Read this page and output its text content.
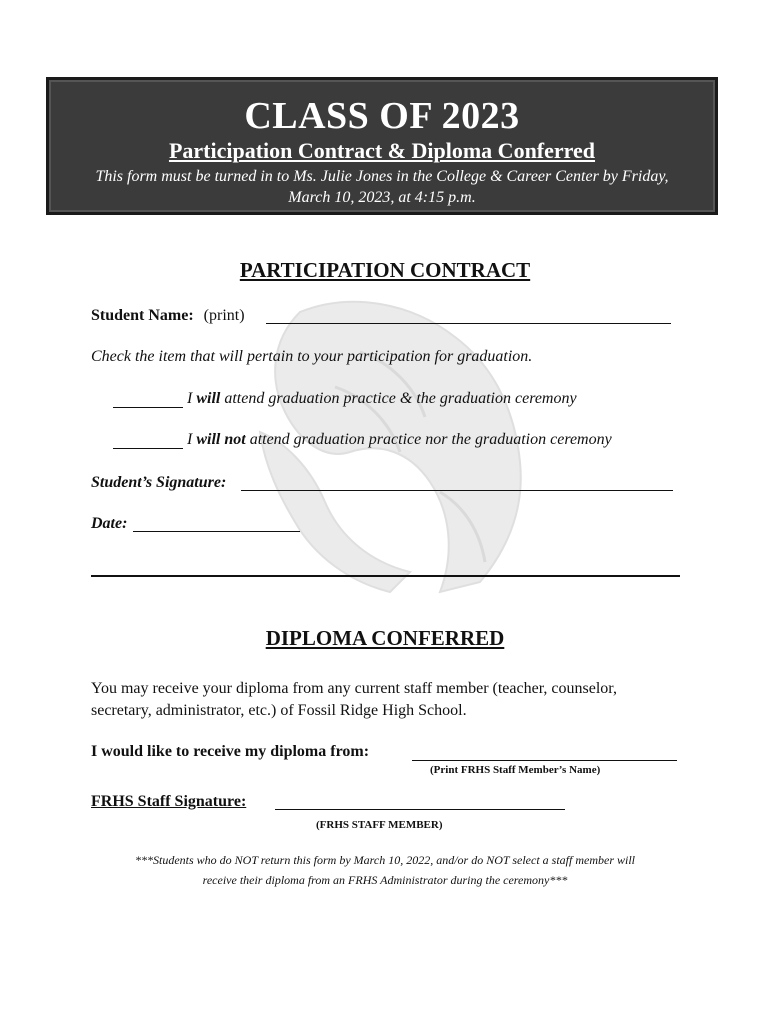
CLASS OF 2023
Participation Contract & Diploma Conferred
This form must be turned in to Ms. Julie Jones in the College & Career Center by Friday,
March 10, 2023, at 4:15 p.m.
PARTICIPATION CONTRACT
Student Name: (print)
Check the item that will pertain to your participation for graduation.
I will attend graduation practice & the graduation ceremony
I will not attend graduation practice nor the graduation ceremony
Student’s Signature:
Date:
DIPLOMA CONFERRED
You may receive your diploma from any current staff member (teacher, counselor,
secretary, administrator, etc.) of Fossil Ridge High School.
I would like to receive my diploma from:
(Print FRHS Staff Member’s Name)
FRHS Staff Signature:
(FRHS STAFF MEMBER)
***Students who do NOT return this form by March 10, 2022, and/or do NOT select a staff member will
receive their diploma from an FRHS Administrator during the ceremony***
